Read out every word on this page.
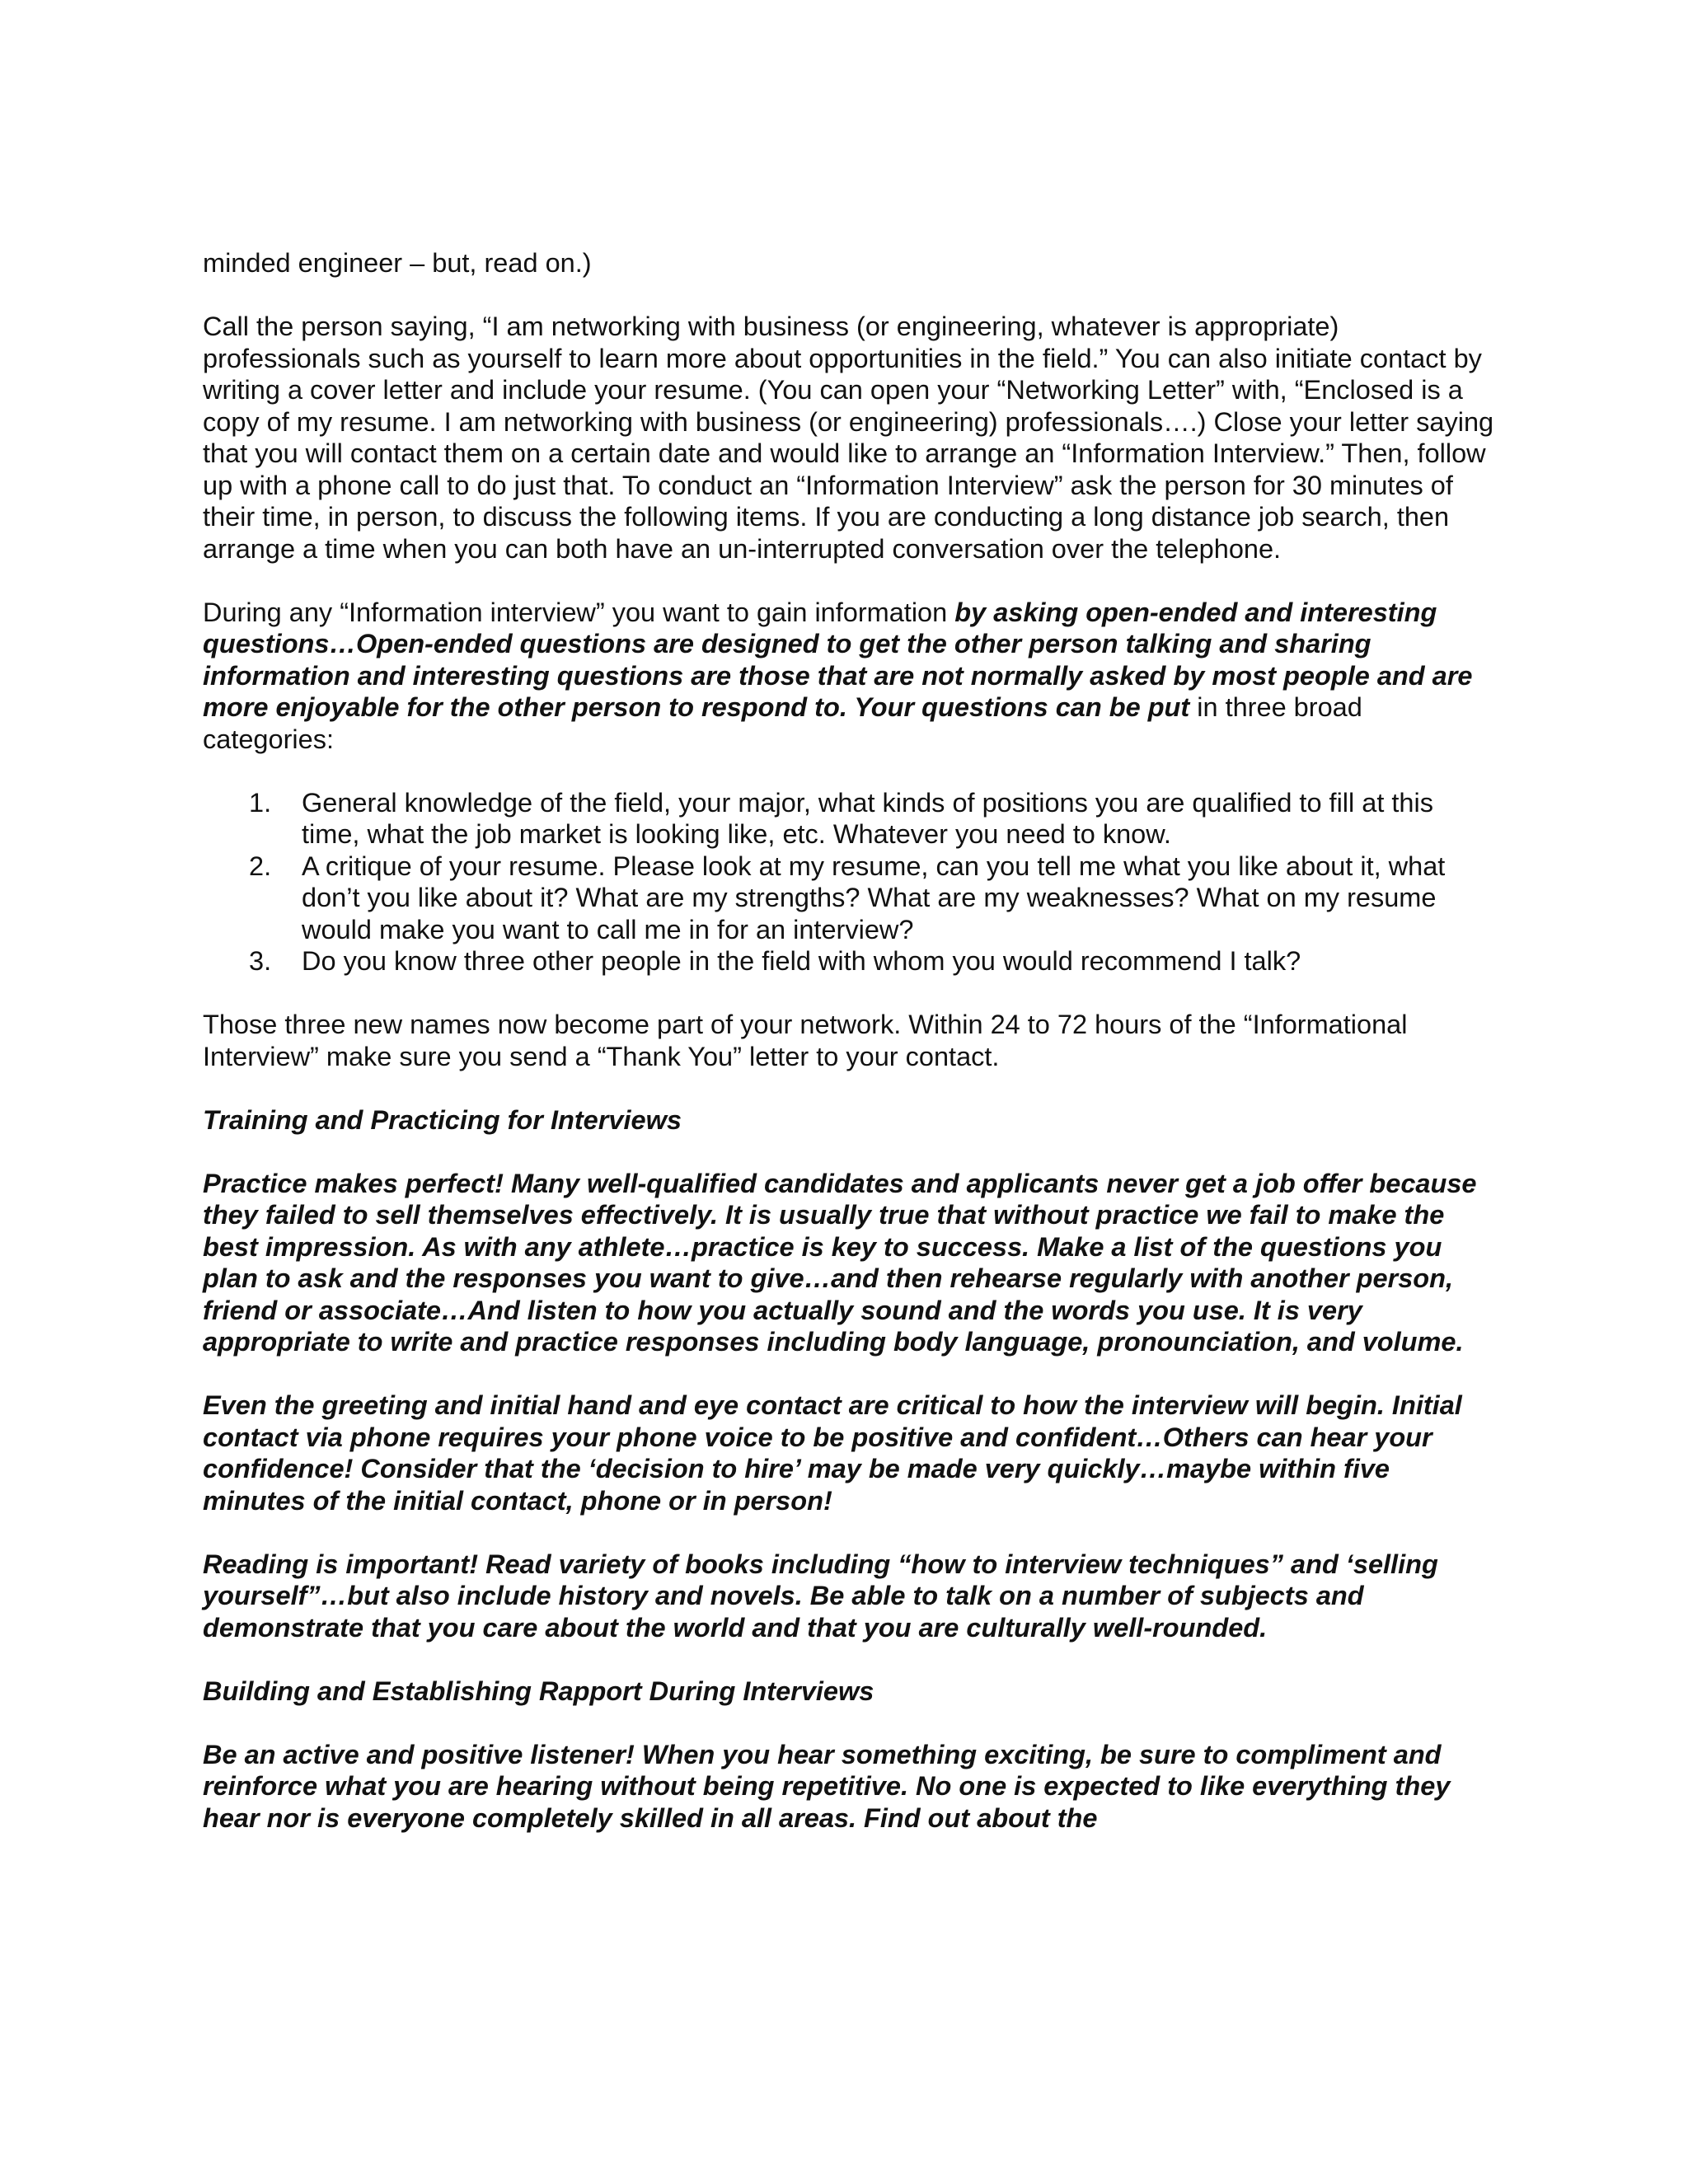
minded engineer – but, read on.)

Call the person saying, “I am networking with business (or engineering, whatever is appropriate) professionals such as yourself to learn more about opportunities in the field.” You can also initiate contact by writing a cover letter and include your resume. (You can open your “Networking Letter” with, “Enclosed is a copy of my resume. I am networking with business (or engineering) professionals….) Close your letter saying that you will contact them on a certain date and would like to arrange an “Information Interview.” Then, follow up with a phone call to do just that. To conduct an “Information Interview” ask the person for 30 minutes of their time, in person, to discuss the following items. If you are conducting a long distance job search, then arrange a time when you can both have an un-interrupted conversation over the telephone.

During any “Information interview” you want to gain information by asking open-ended and interesting questions…Open-ended questions are designed to get the other person talking and sharing information and interesting questions are those that are not normally asked by most people and are more enjoyable for the other person to respond to. Your questions can be put in three broad categories:

1. General knowledge of the field, your major, what kinds of positions you are qualified to fill at this time, what the job market is looking like, etc. Whatever you need to know.
2. A critique of your resume. Please look at my resume, can you tell me what you like about it, what don’t you like about it? What are my strengths? What are my weaknesses? What on my resume would make you want to call me in for an interview?
3. Do you know three other people in the field with whom you would recommend I talk?

Those three new names now become part of your network. Within 24 to 72 hours of the “Informational Interview” make sure you send a “Thank You” letter to your contact.

Training and Practicing for Interviews

Practice makes perfect! Many well-qualified candidates and applicants never get a job offer because they failed to sell themselves effectively. It is usually true that without practice we fail to make the best impression. As with any athlete…practice is key to success. Make a list of the questions you plan to ask and the responses you want to give…and then rehearse regularly with another person, friend or associate…And listen to how you actually sound and the words you use. It is very appropriate to write and practice responses including body language, pronounciation, and volume.

Even the greeting and initial hand and eye contact are critical to how the interview will begin. Initial contact via phone requires your phone voice to be positive and confident…Others can hear your confidence! Consider that the ‘decision to hire’ may be made very quickly…maybe within five minutes of the initial contact, phone or in person!

Reading is important! Read variety of books including “how to interview techniques” and ‘selling yourself”…but also include history and novels. Be able to talk on a number of subjects and demonstrate that you care about the world and that you are culturally well-rounded.

Building and Establishing Rapport During Interviews

Be an active and positive listener! When you hear something exciting, be sure to compliment and reinforce what you are hearing without being repetitive. No one is expected to like everything they hear nor is everyone completely skilled in all areas. Find out about the
